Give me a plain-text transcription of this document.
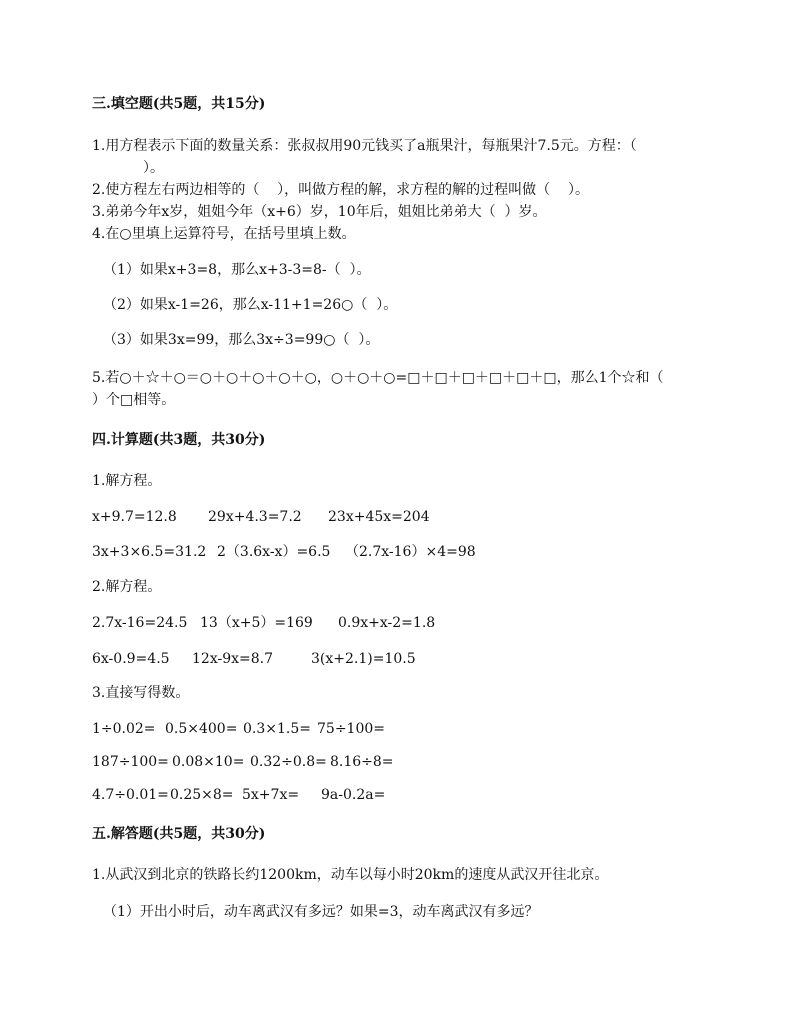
三.填空题(共5题，共15分)
1.用方程表示下面的数量关系：张叔叔用90元钱买了a瓶果汁，每瓶果汁7.5元。方程：（
）。
2.使方程左右两边相等的（    ），叫做方程的解，求方程的解的过程叫做（    ）。
3.弟弟今年x岁，姐姐今年（x+6）岁，10年后，姐姐比弟弟大（  ）岁。
4.在○里填上运算符号，在括号里填上数。
（1）如果x+3=8，那么x+3-3=8-（  ）。
（2）如果x-1=26，那么x-11+1=26○（  ）。
（3）如果3x=99，那么3x÷3=99○（  ）。
5.若○＋☆＋○＝○＋○＋○＋○＋○，○＋○＋○=□＋□＋□＋□＋□＋□，那么1个☆和（
）个□相等。
四.计算题(共3题，共30分)
1.解方程。
x+9.7=12.8 29x+4.3=7.2 23x+45x=204
3x+3×6.5=31.2 2（3.6x-x）=6.5 （2.7x-16）×4=98
2.解方程。
2.7x-16=24.5 13（x+5）=169 0.9x+x-2=1.8
6x-0.9=4.5 12x-9x=8.7	3(x+2.1)=10.5
3.直接写得数。
1÷0.02= 0.5×400= 0.3×1.5= 75÷100=
187÷100= 0.08×10= 0.32÷0.8= 8.16÷8=
4.7÷0.01= 0.25×8= 5x+7x= 9a-0.2a=
五.解答题(共5题，共30分)
1.从武汉到北京的铁路长约1200km，动车以每小时20km的速度从武汉开往北京。
（1）开出小时后，动车离武汉有多远？如果=3，动车离武汉有多远？
